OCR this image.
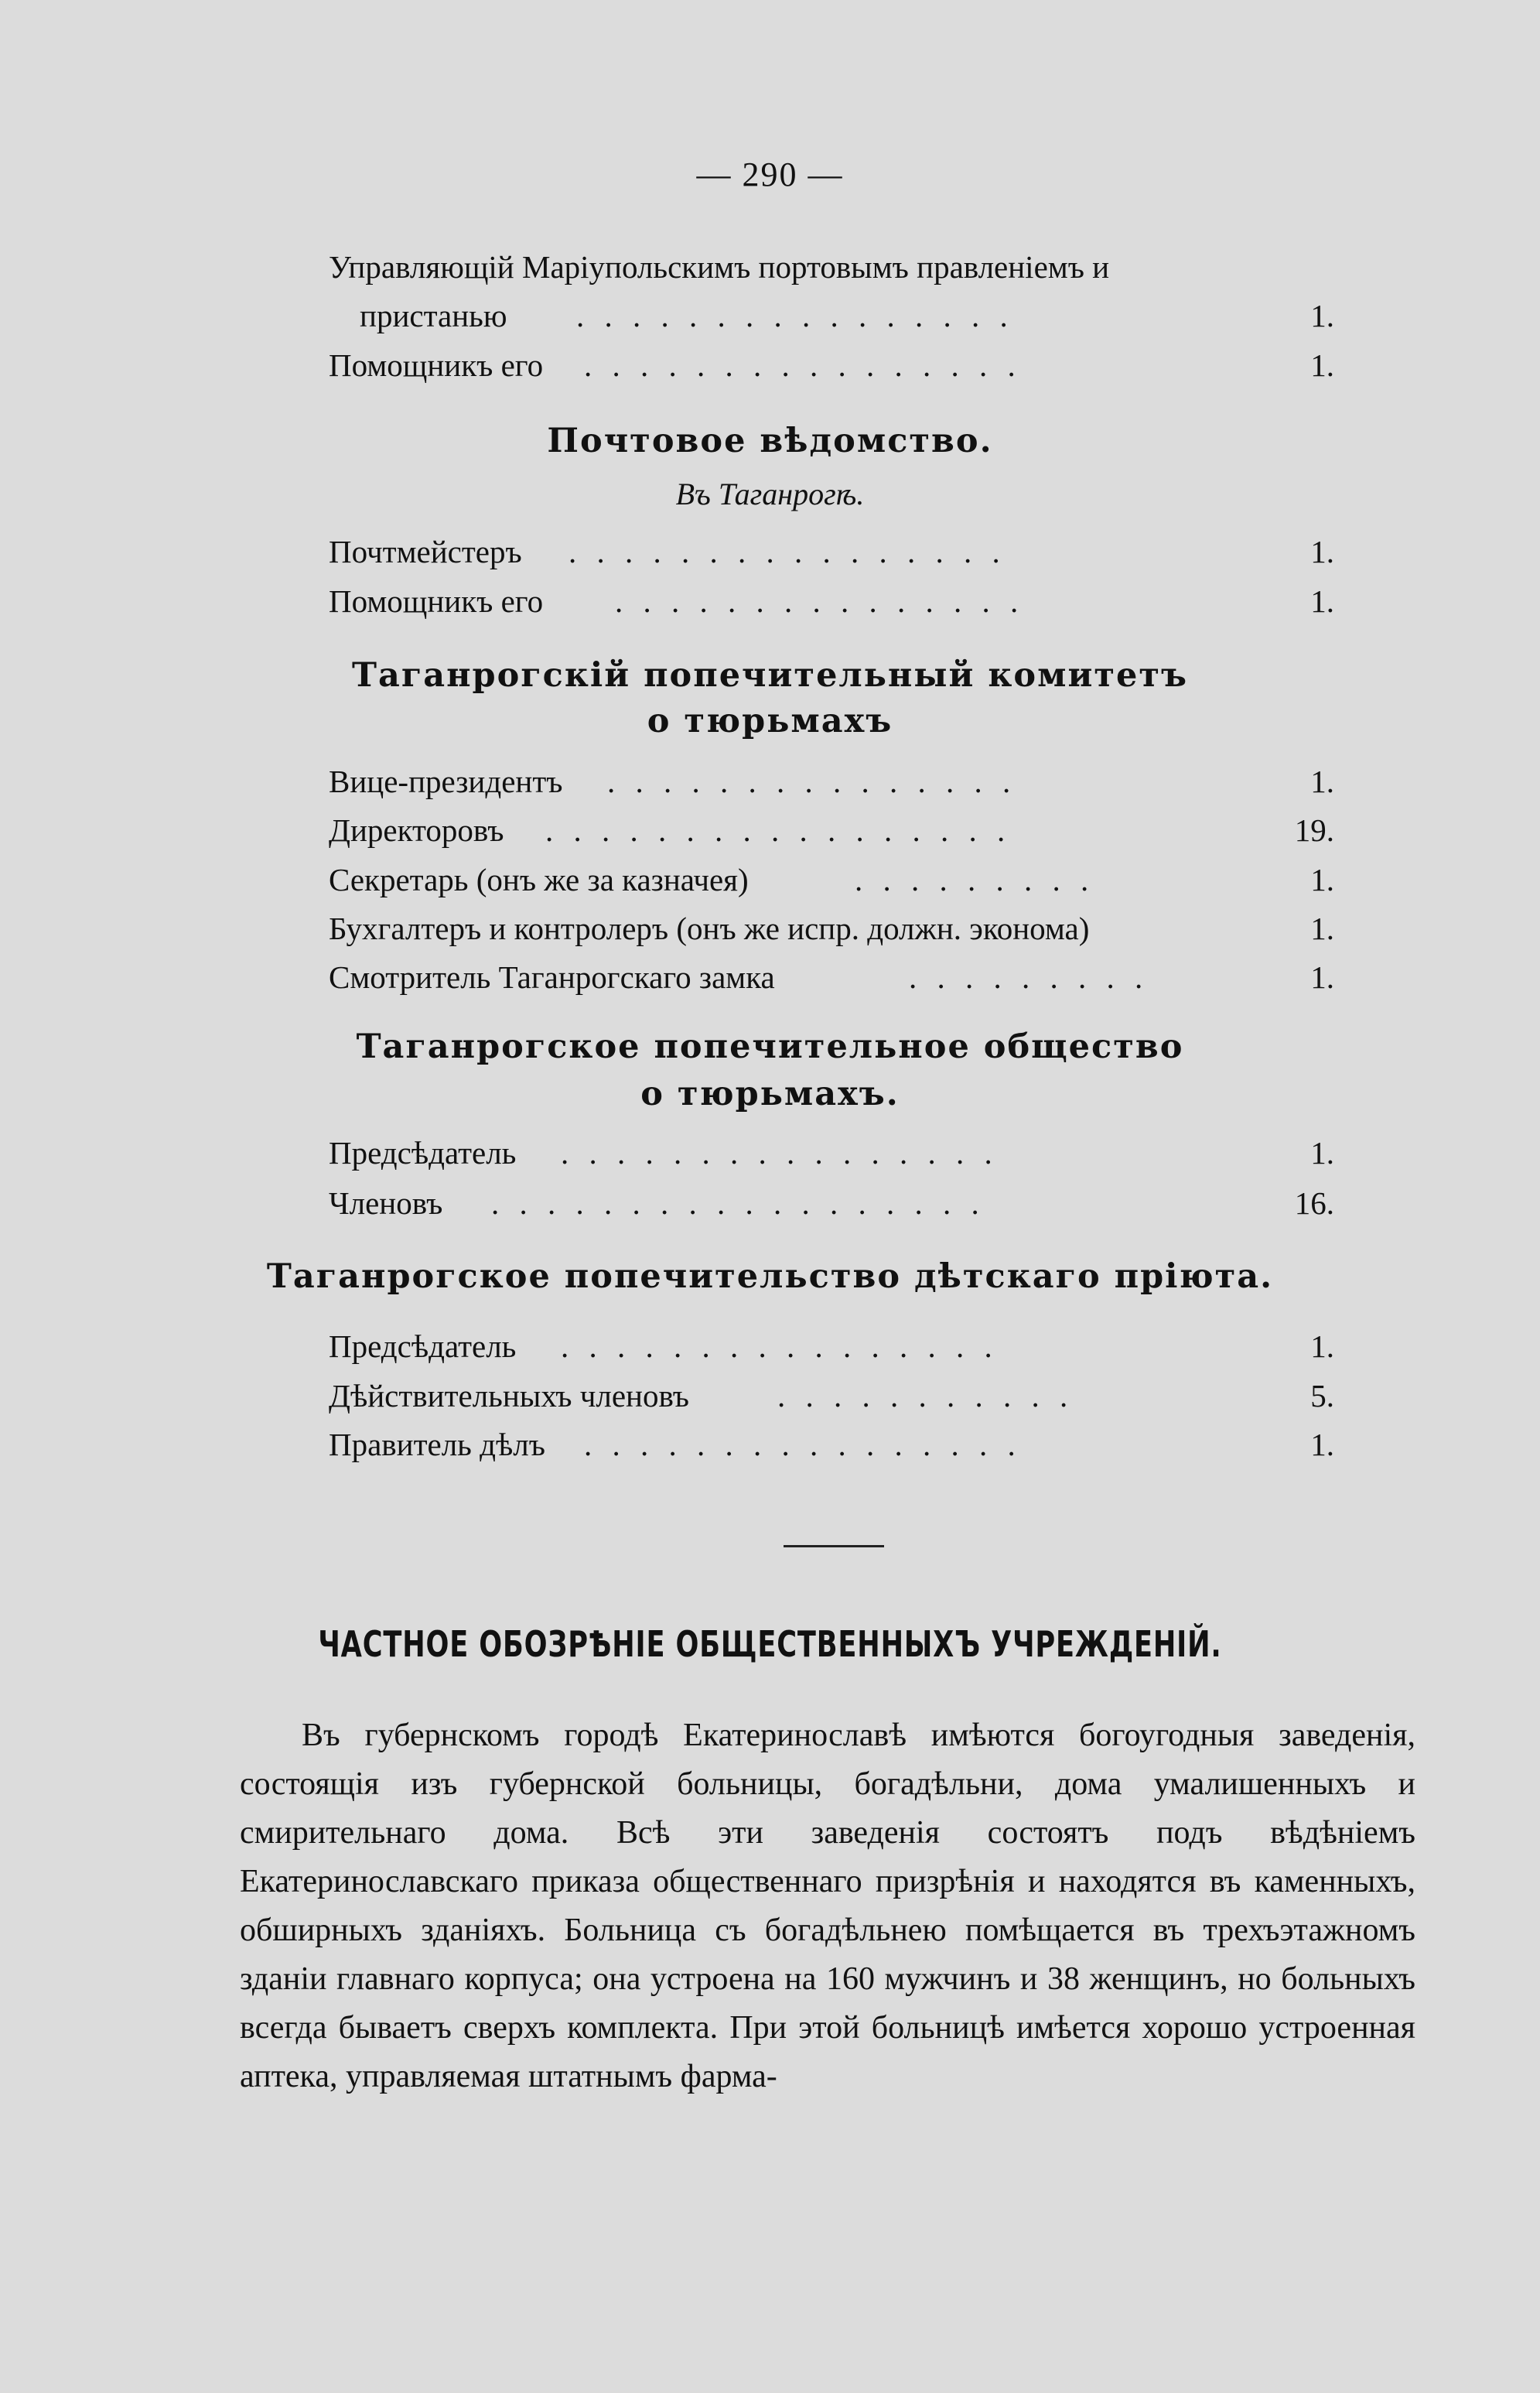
— 290 —
Управляющій Маріупольскимъ портовымъ правленіемъ и
пристанью . . . . . . . . . . . . . . . .	1.
Помощникъ его . . . . . . . . . . . . . . . .	1.
Почтовое вѣдомство.
Въ Таганрогѣ.
Почтмейстеръ . . . . . . . . . . . . . . . .	1.
Помощникъ его . . . . . . . . . . . . . . .	1.
Таганрогскій попечительный комитетъ
о тюрьмахъ
Вице-президентъ . . . . . . . . . . . . . . .	1.
Директоровъ . . . . . . . . . . . . . . . . .	19.
Секретарь (онъ же за казначея)	. . . . . . . . .	1.
Бухгалтеръ и контролеръ (онъ же испр. должн. эконома)	1.
Смотритель Таганрогскаго замка	. . . . . . . . .	1.
Таганрогское попечительное общество
о тюрьмахъ.
Предсѣдатель . . . . . . . . . . . . . . . .	1.
Членовъ . . . . . . . . . . . . . . . . . .	16.
Таганрогское попечительство дѣтскаго пріюта.
Предсѣдатель . . . . . . . . . . . . . . . .	1.
Дѣйствительныхъ членовъ	. . . . . . . . . . .	5.
Правитель дѣлъ . . . . . . . . . . . . . . . .	1.
ЧАСТНОЕ ОБОЗРѢНІЕ ОБЩЕСТВЕННЫХЪ УЧРЕЖДЕНІЙ.

Въ губернскомъ городѣ Екатеринославѣ имѣются богоугодныя заведенія, состоящія изъ губернской больницы, богадѣльни, дома умалишенныхъ и смирительнаго дома. Всѣ эти заведенія состоятъ подъ вѣдѣніемъ Екатеринославскаго приказа общественнаго призрѣнія и находятся въ каменныхъ, обширныхъ зданіяхъ. Больница съ богадѣльнею помѣщается въ трехъэтажномъ зданіи главнаго корпуса; она устроена на 160 мужчинъ и 38 женщинъ, но больныхъ всегда бываетъ сверхъ комплекта. При этой больницѣ имѣется хорошо устроенная аптека, управляемая штатнымъ фарма-
